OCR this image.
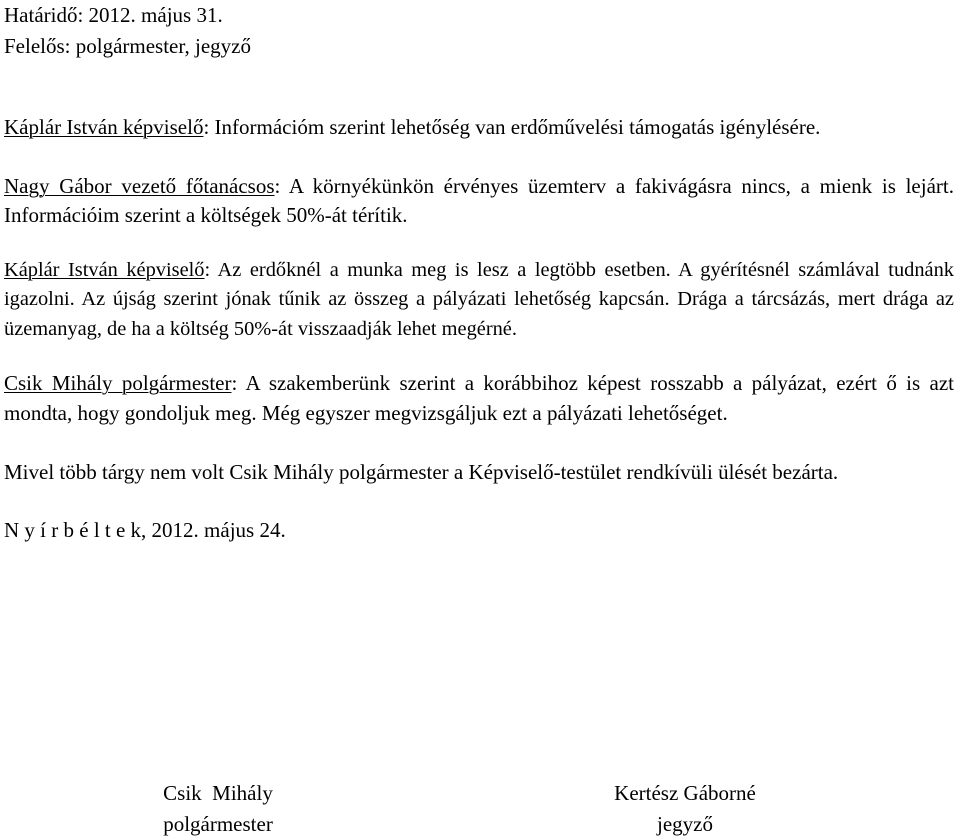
Határidő: 2012. május 31.
Felelős: polgármester, jegyző

Káplár István képviselő: Információm szerint lehetőség van erdőművelési támogatás igénylésére.

Nagy Gábor vezető főtanácsos: A környékünkön érvényes üzemterv a fakivágásra nincs, a mienk is lejárt. Információim szerint a költségek 50%-át térítik.

Káplár István képviselő: Az erdőknél a munka meg is lesz a legtöbb esetben. A gyérítésnél számlával tudnánk igazolni. Az újság szerint jónak tűnik az összeg a pályázati lehetőség kapcsán. Drága a tárcsázás, mert drága az üzemanyag, de ha a költség 50%-át visszaadják lehet megérné.

Csik Mihály polgármester: A szakemberünk szerint a korábbihoz képest rosszabb a pályázat, ezért ő is azt mondta, hogy gondoljuk meg. Még egyszer megvizsgáljuk ezt a pályázati lehetőséget.

Mivel több tárgy nem volt Csik Mihály polgármester a Képviselő-testület rendkívüli ülését bezárta.

N y í r b é l t e k, 2012. május 24.
Csik  Mihály
polgármester
Kertész Gáborné
jegyző
